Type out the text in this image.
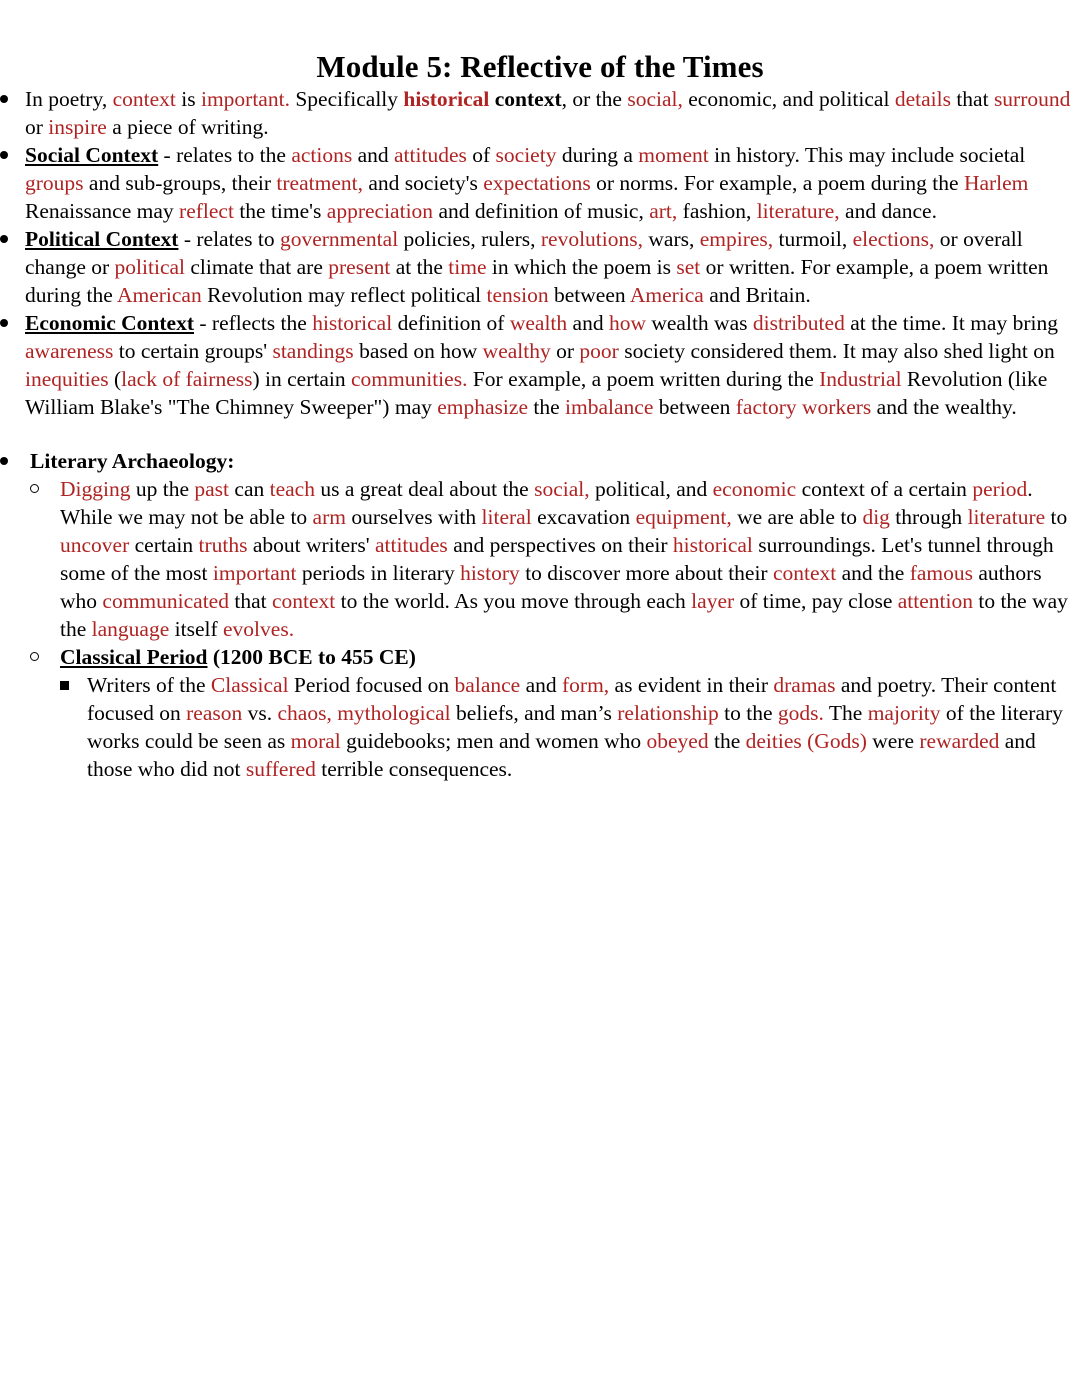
Module 5: Reflective of the Times
In poetry, context is important. Specifically historical context, or the social, economic, and political details that surround or inspire a piece of writing.
Social Context - relates to the actions and attitudes of society during a moment in history. This may include societal groups and sub-groups, their treatment, and society's expectations or norms. For example, a poem during the Harlem Renaissance may reflect the time's appreciation and definition of music, art, fashion, literature, and dance.
Political Context - relates to governmental policies, rulers, revolutions, wars, empires, turmoil, elections, or overall change or political climate that are present at the time in which the poem is set or written. For example, a poem written during the American Revolution may reflect political tension between America and Britain.
Economic Context - reflects the historical definition of wealth and how wealth was distributed at the time. It may bring awareness to certain groups' standings based on how wealthy or poor society considered them. It may also shed light on inequities (lack of fairness) in certain communities. For example, a poem written during the Industrial Revolution (like William Blake's "The Chimney Sweeper") may emphasize the imbalance between factory workers and the wealthy.
Literary Archaeology:
Digging up the past can teach us a great deal about the social, political, and economic context of a certain period. While we may not be able to arm ourselves with literal excavation equipment, we are able to dig through literature to uncover certain truths about writers' attitudes and perspectives on their historical surroundings. Let's tunnel through some of the most important periods in literary history to discover more about their context and the famous authors who communicated that context to the world. As you move through each layer of time, pay close attention to the way the language itself evolves.
Classical Period (1200 BCE to 455 CE)
Writers of the Classical Period focused on balance and form, as evident in their dramas and poetry. Their content focused on reason vs. chaos, mythological beliefs, and man’s relationship to the gods. The majority of the literary works could be seen as moral guidebooks; men and women who obeyed the deities (Gods) were rewarded and those who did not suffered terrible consequences.
